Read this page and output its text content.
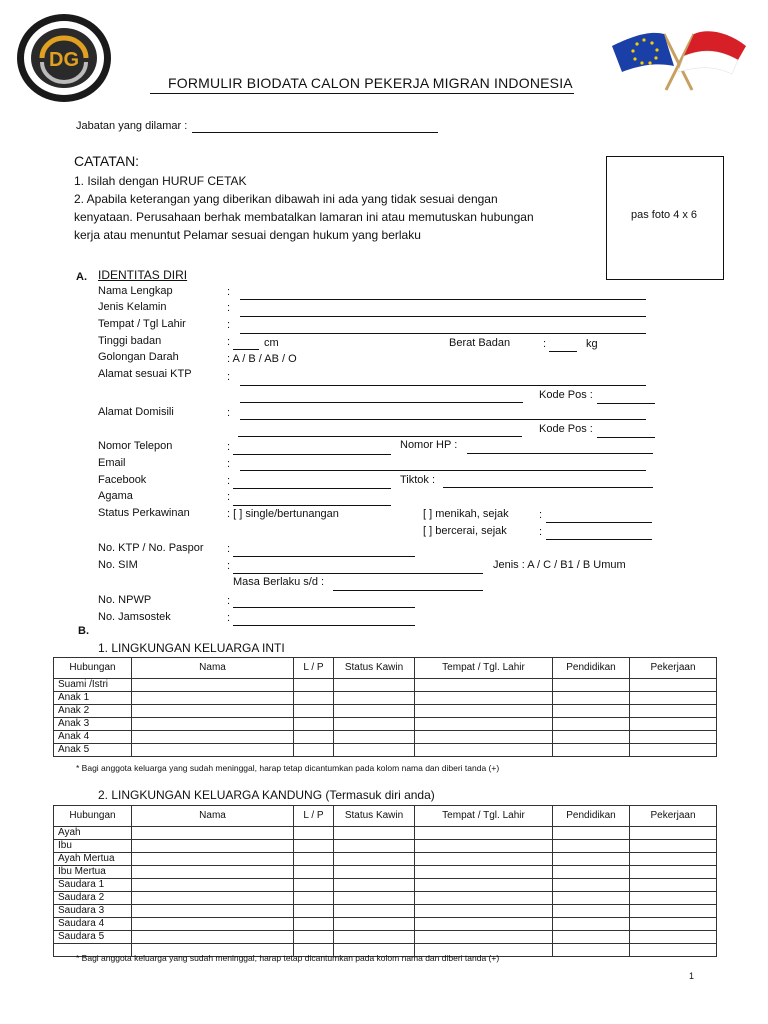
DG
FORMULIR BIODATA CALON PEKERJA MIGRAN INDONESIA
Jabatan yang dilamar :
CATATAN:
1. Isilah dengan HURUF CETAK
2. Apabila keterangan yang diberikan dibawah ini ada yang tidak sesuai dengan
kenyataan. Perusahaan berhak membatalkan lamaran ini atau memutuskan hubungan
kerja atau menuntut Pelamar sesuai dengan hukum yang berlaku
pas foto 4 x 6
A. IDENTITAS DIRI
Nama Lengkap	:
Jenis Kelamin	:
Tempat / Tgl Lahir	:
Tinggi badan	:	cm	Berat Badan	:	kg
Golongan Darah	: A / B / AB / O
Alamat sesuai KTP	:
Kode Pos :
Alamat Domisili	:
Kode Pos :
Nomor Telepon	:	Nomor HP :
Email	:
Facebook	:	Tiktok :
Agama	:
Status Perkawinan	: [ ] single/bertunangan	[ ] menikah, sejak	:
[ ] bercerai, sejak	:
No. KTP / No. Paspor :
No. SIM	:	Jenis : A / C / B1 / B Umum
Masa Berlaku s/d :
No. NPWP	:
No. Jamsostek	:
B.
1. LINGKUNGAN KELUARGA INTI
Hubungan	Nama	L / P	Status Kawin	Tempat / Tgl. Lahir	Pendidikan	Pekerjaan
Suami /Istri						
Anak 1						
Anak 2						
Anak 3						
Anak 4						
Anak 5						
* Bagi anggota keluarga yang sudah meninggal, harap tetap dicantumkan pada kolom nama dan diberi tanda (+)
2. LINGKUNGAN KELUARGA KANDUNG (Termasuk diri anda)
Hubungan	Nama	L / P	Status Kawin	Tempat / Tgl. Lahir	Pendidikan	Pekerjaan
Ayah						
Ibu						
Ayah Mertua						
Ibu Mertua						
Saudara 1						
Saudara 2						
Saudara 3						
Saudara 4						
Saudara 5						

* Bagi anggota keluarga yang sudah meninggal, harap tetap dicantumkan pada kolom nama dan diberi tanda (+)
1
